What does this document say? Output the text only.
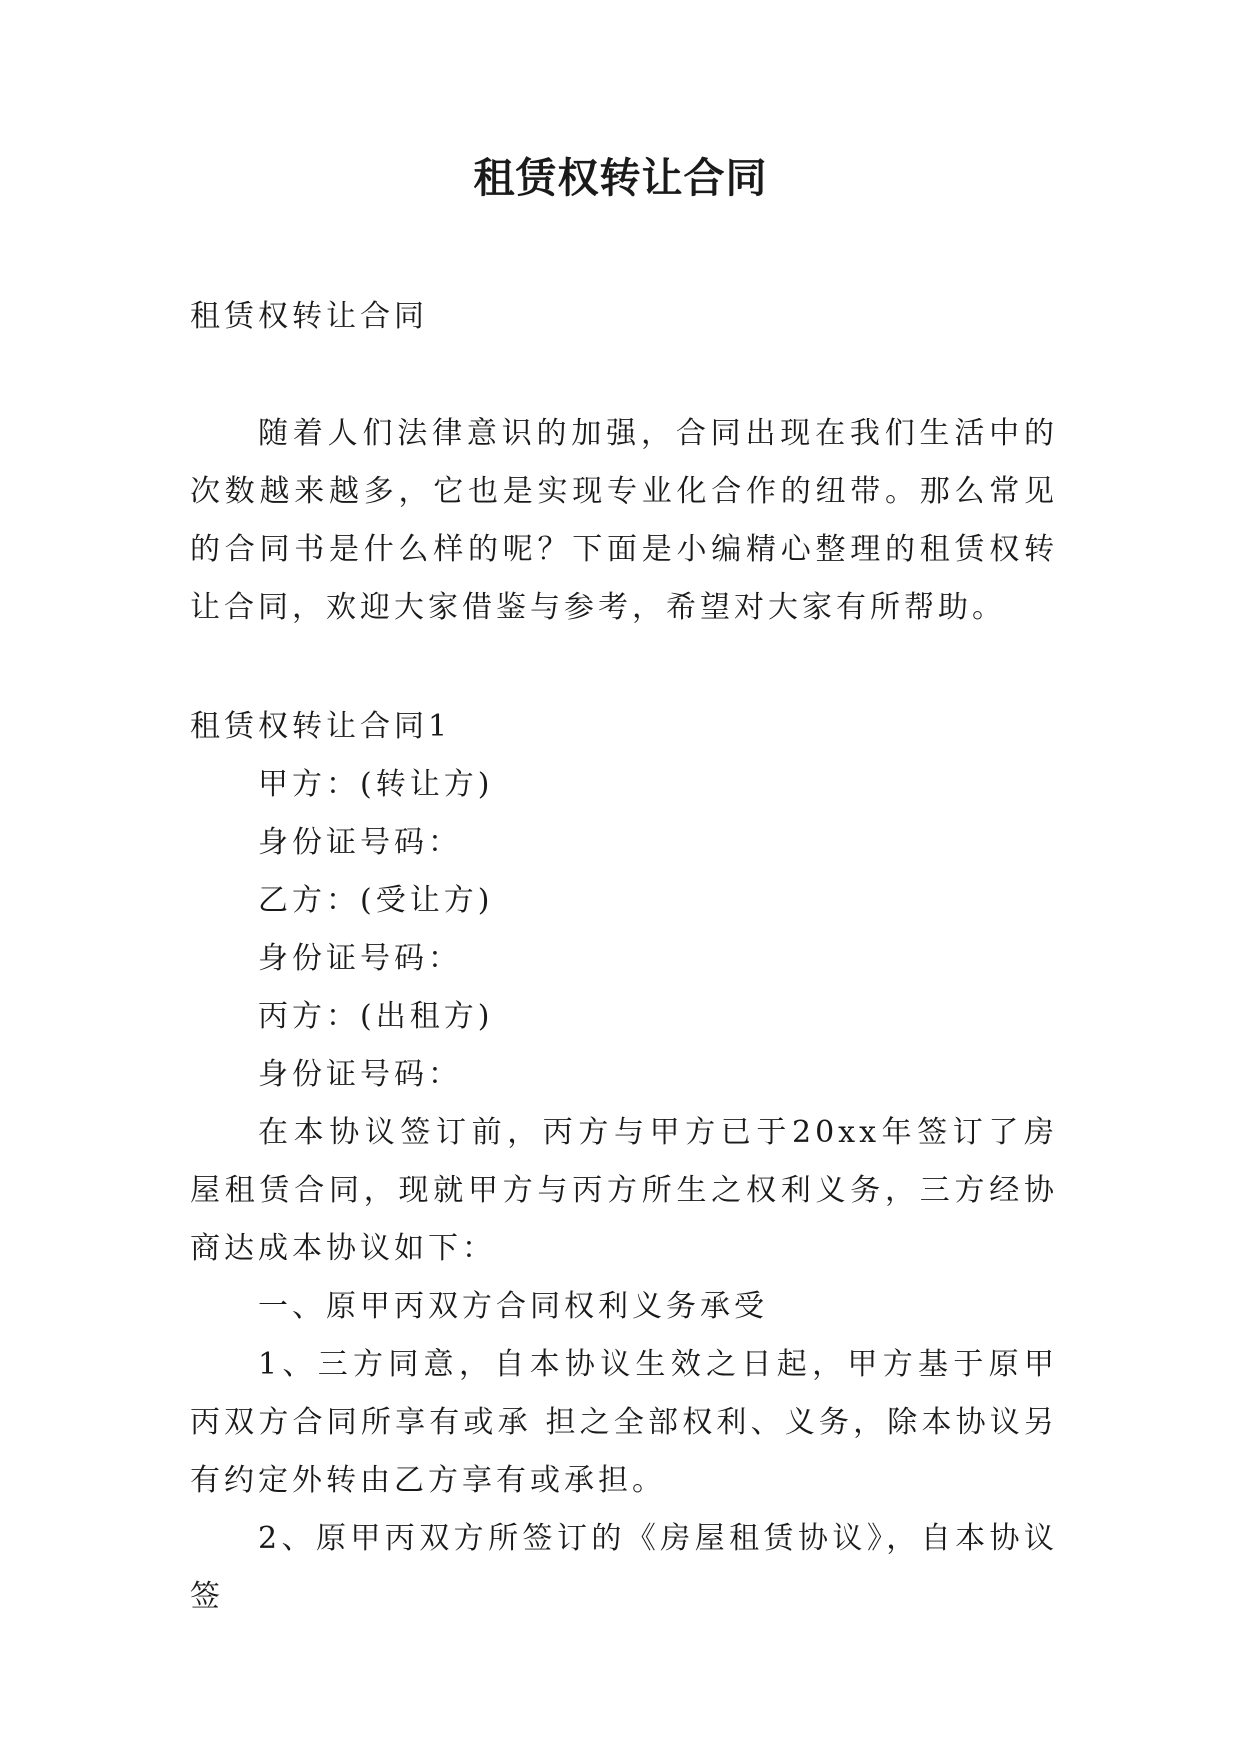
租赁权转让合同

租赁权转让合同

随着人们法律意识的加强，合同出现在我们生活中的次数越来越多，它也是实现专业化合作的纽带。那么常见的合同书是什么样的呢？下面是小编精心整理的租赁权转让合同，欢迎大家借鉴与参考，希望对大家有所帮助。

租赁权转让合同1

甲方：(转让方)

身份证号码：

乙方：(受让方)

身份证号码：

丙方：(出租方)

身份证号码：

在本协议签订前，丙方与甲方已于20xx年签订了房屋租赁合同，现就甲方与丙方所生之权利义务，三方经协商达成本协议如下：

一、原甲丙双方合同权利义务承受

1、三方同意，自本协议生效之日起，甲方基于原甲丙双方合同所享有或承 担之全部权利、义务，除本协议另有约定外转由乙方享有或承担。

2、原甲丙双方所签订的《房屋租赁协议》，自本协议签
